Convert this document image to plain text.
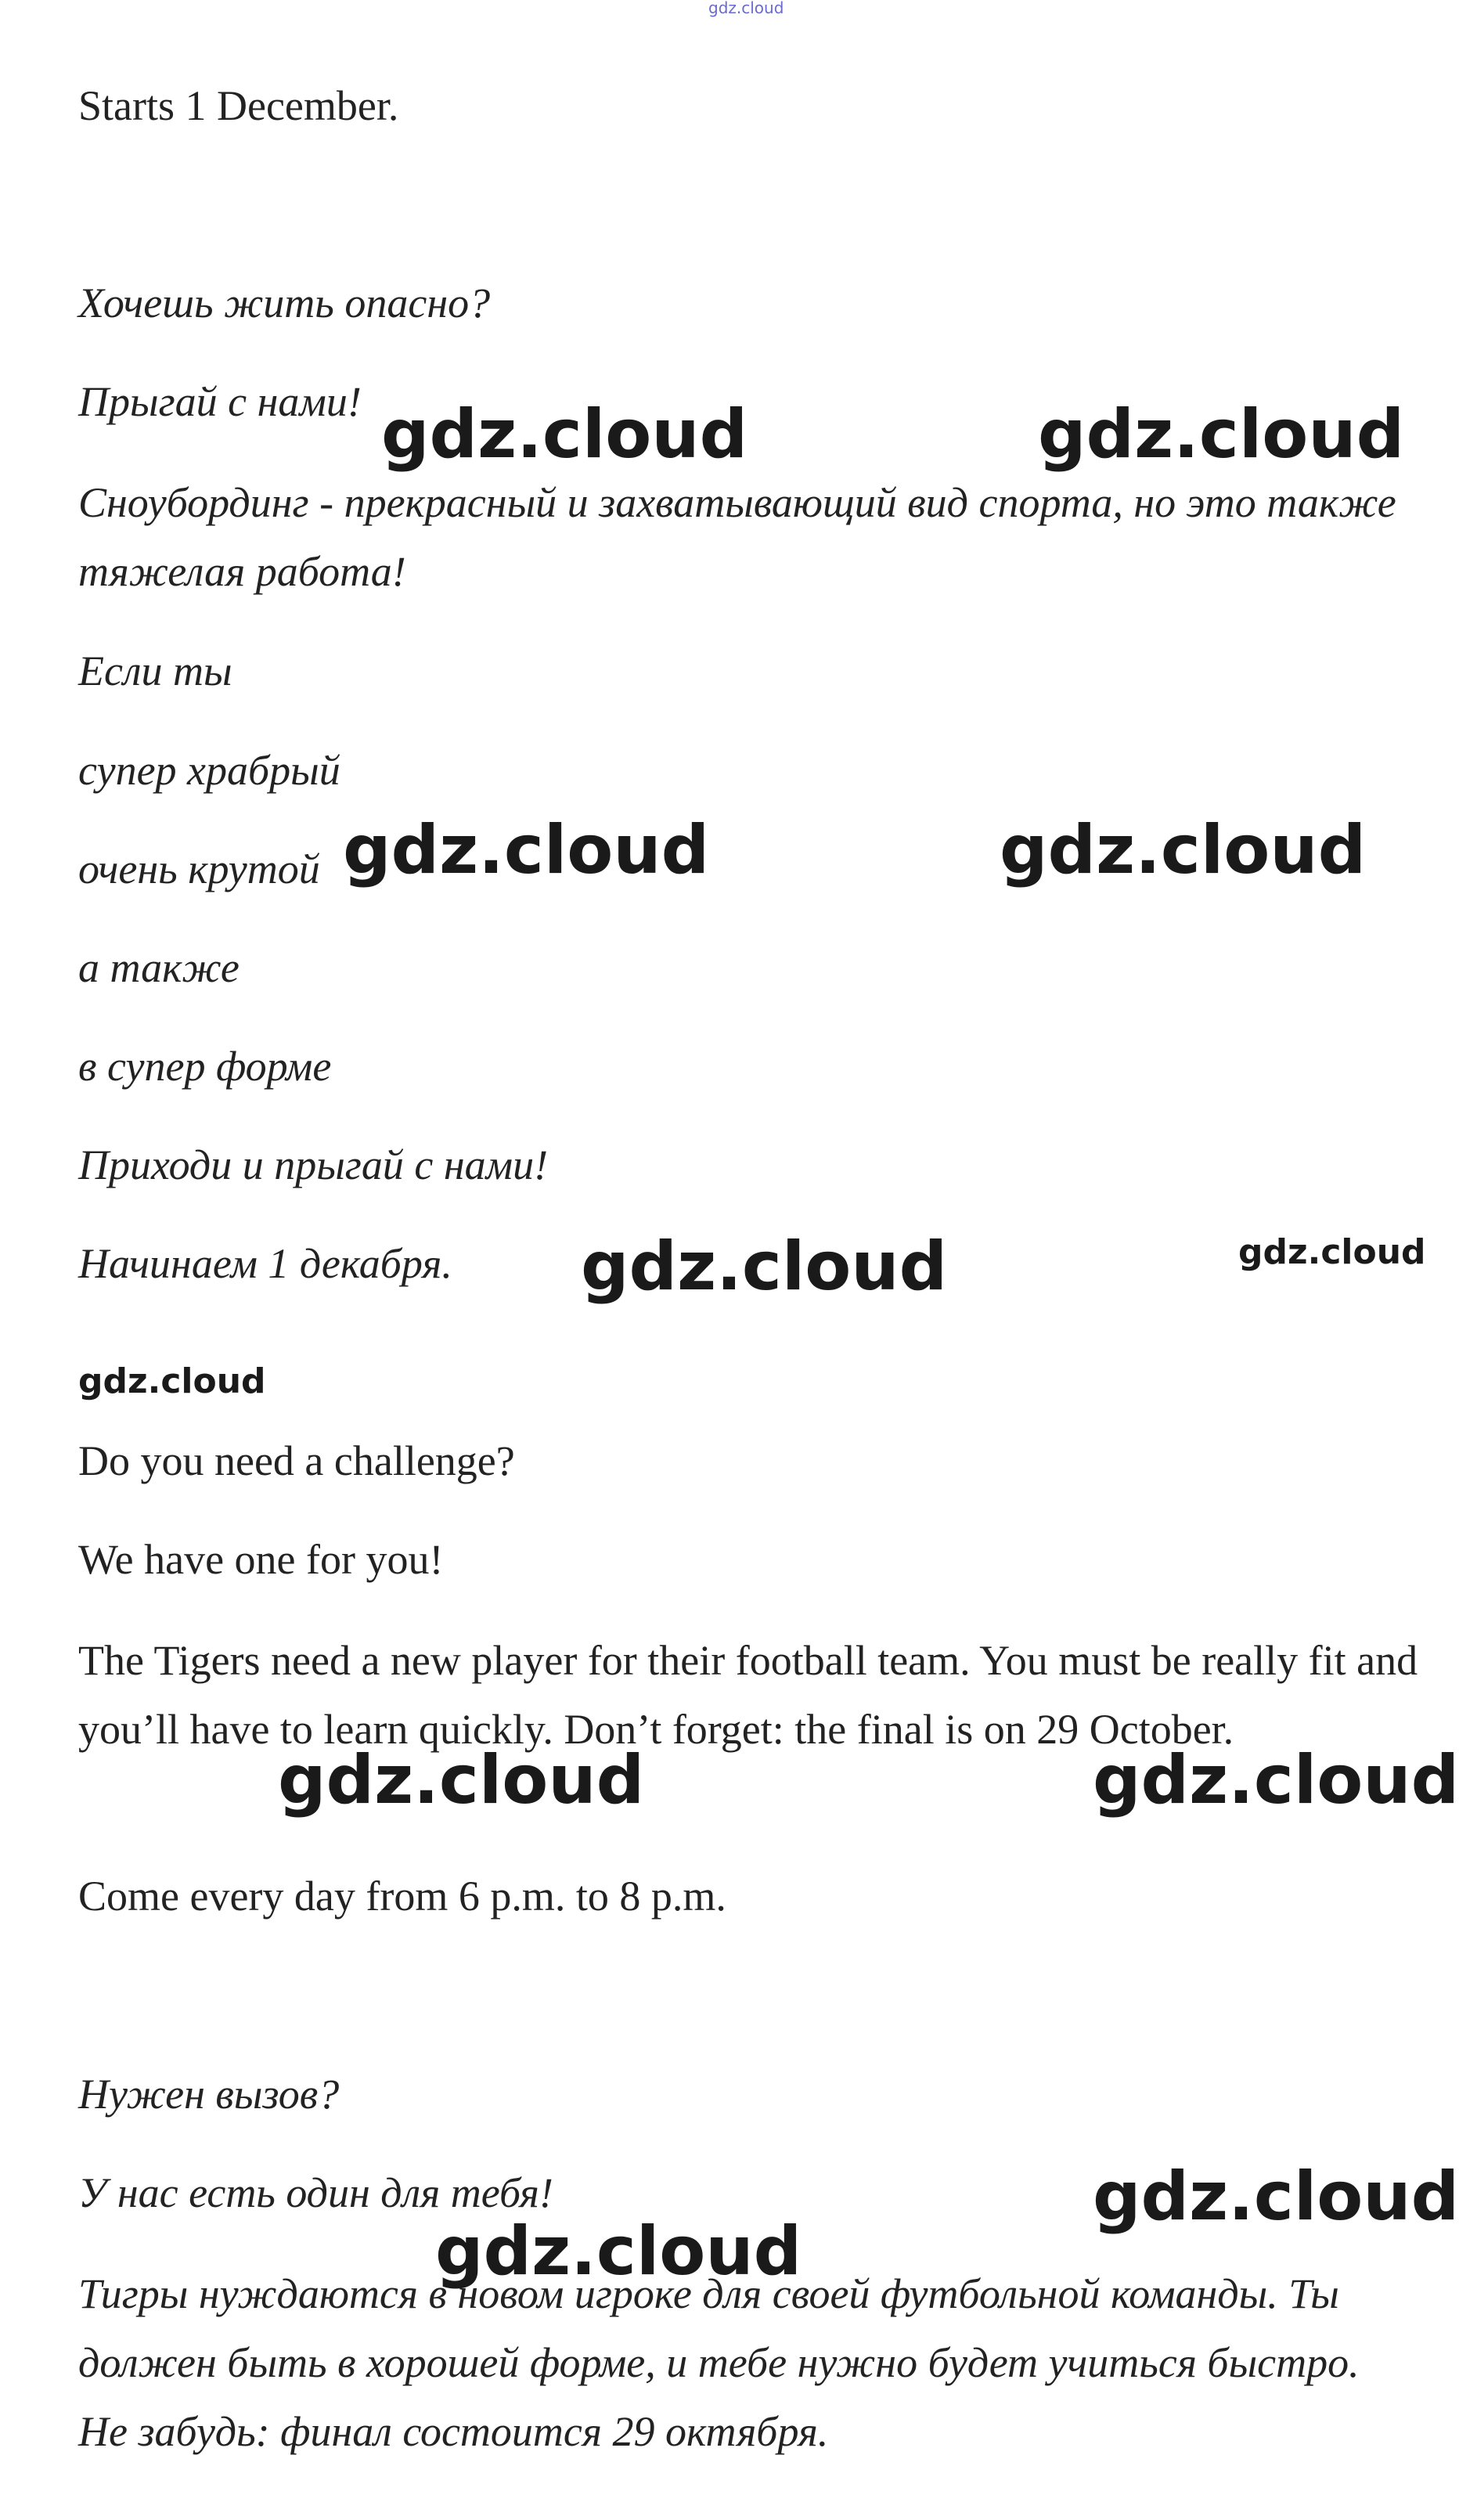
gdz.cloud
Starts 1 December.
Хочешь жить опасно?
Прыгай с нами!
Сноубординг - прекрасный и захватывающий вид спорта, но это также тяжелая работа!
Если ты
супер храбрый
очень крутой
а также
в супер форме
Приходи и прыгай с нами!
Начинаем 1 декабря.
Do you need a challenge?
We have one for you!
The Tigers need a new player for their football team. You must be really fit and you’ll have to learn quickly. Don’t forget: the final is on 29 October.
Come every day from 6 p.m. to 8 p.m.
Нужен вызов?
У нас есть один для тебя!
Тигры нуждаются в новом игроке для своей футбольной команды. Ты должен быть в хорошей форме, и тебе нужно будет учиться быстро. Не забудь: финал состоится 29 октября.
gdz.cloud	gdz.cloud
gdz.cloud	gdz.cloud
gdz.cloud	gdz.cloud
gdz.cloud
gdz.cloud	gdz.cloud
gdz.cloud
gdz.cloud
